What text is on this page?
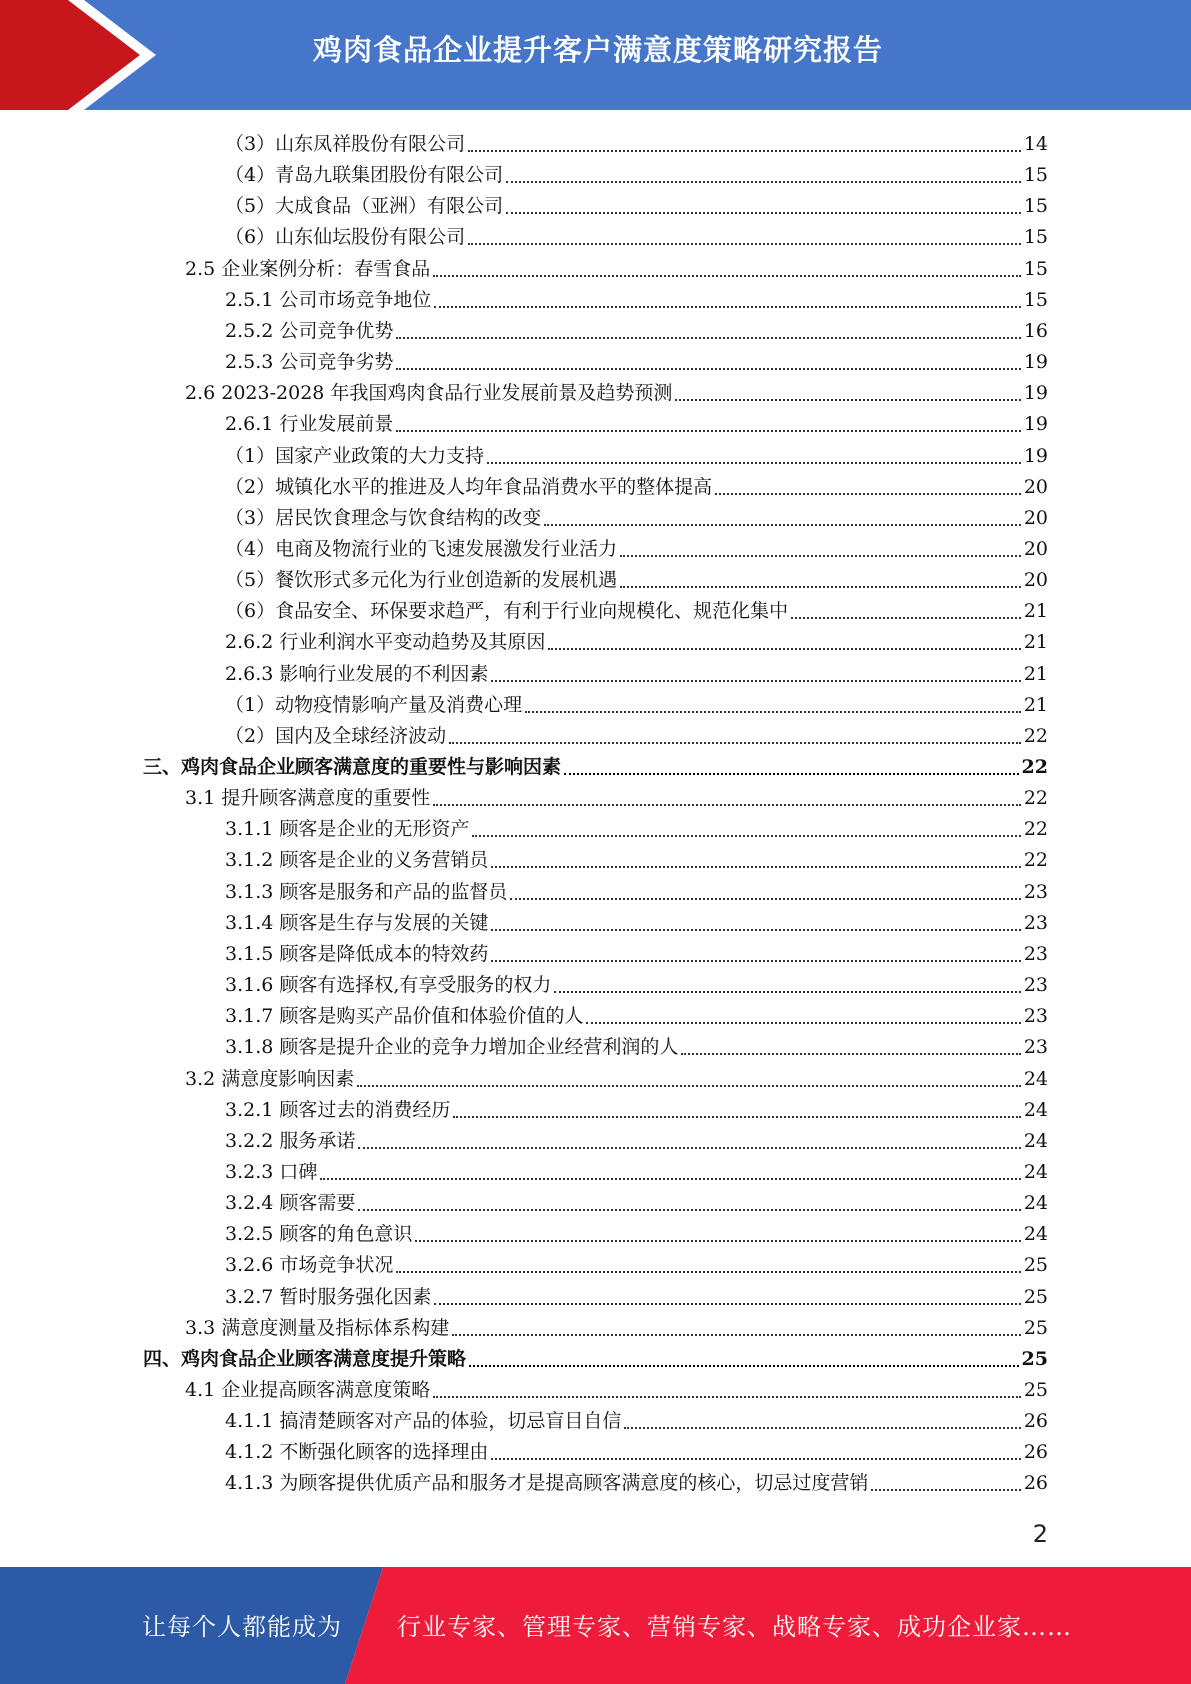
鸡肉食品企业提升客户满意度策略研究报告
（3）山东凤祥股份有限公司	14
（4）青岛九联集团股份有限公司	15
（5）大成食品（亚洲）有限公司	15
（6）山东仙坛股份有限公司	15
2.5 企业案例分析：春雪食品	15
2.5.1 公司市场竞争地位	15
2.5.2 公司竞争优势	16
2.5.3 公司竞争劣势	19
2.6 2023-2028 年我国鸡肉食品行业发展前景及趋势预测	19
2.6.1 行业发展前景	19
（1）国家产业政策的大力支持	19
（2）城镇化水平的推进及人均年食品消费水平的整体提高	20
（3）居民饮食理念与饮食结构的改变	20
（4）电商及物流行业的飞速发展激发行业活力	20
（5）餐饮形式多元化为行业创造新的发展机遇	20
（6）食品安全、环保要求趋严，有利于行业向规模化、规范化集中	21
2.6.2 行业利润水平变动趋势及其原因	21
2.6.3 影响行业发展的不利因素	21
（1）动物疫情影响产量及消费心理	21
（2）国内及全球经济波动	22
三、鸡肉食品企业顾客满意度的重要性与影响因素	22
3.1 提升顾客满意度的重要性	22
3.1.1 顾客是企业的无形资产	22
3.1.2 顾客是企业的义务营销员	22
3.1.3 顾客是服务和产品的监督员	23
3.1.4 顾客是生存与发展的关键	23
3.1.5 顾客是降低成本的特效药	23
3.1.6 顾客有选择权,有享受服务的权力	23
3.1.7 顾客是购买产品价值和体验价值的人	23
3.1.8 顾客是提升企业的竞争力增加企业经营利润的人	23
3.2 满意度影响因素	24
3.2.1 顾客过去的消费经历	24
3.2.2 服务承诺	24
3.2.3 口碑	24
3.2.4 顾客需要	24
3.2.5 顾客的角色意识	24
3.2.6 市场竞争状况	25
3.2.7 暂时服务强化因素	25
3.3 满意度测量及指标体系构建	25
四、鸡肉食品企业顾客满意度提升策略	25
4.1 企业提高顾客满意度策略	25
4.1.1 搞清楚顾客对产品的体验，切忌盲目自信	26
4.1.2 不断强化顾客的选择理由	26
4.1.3 为顾客提供优质产品和服务才是提高顾客满意度的核心，切忌过度营销	26
2
让每个人都能成为 行业专家、管理专家、营销专家、战略专家、成功企业家……
